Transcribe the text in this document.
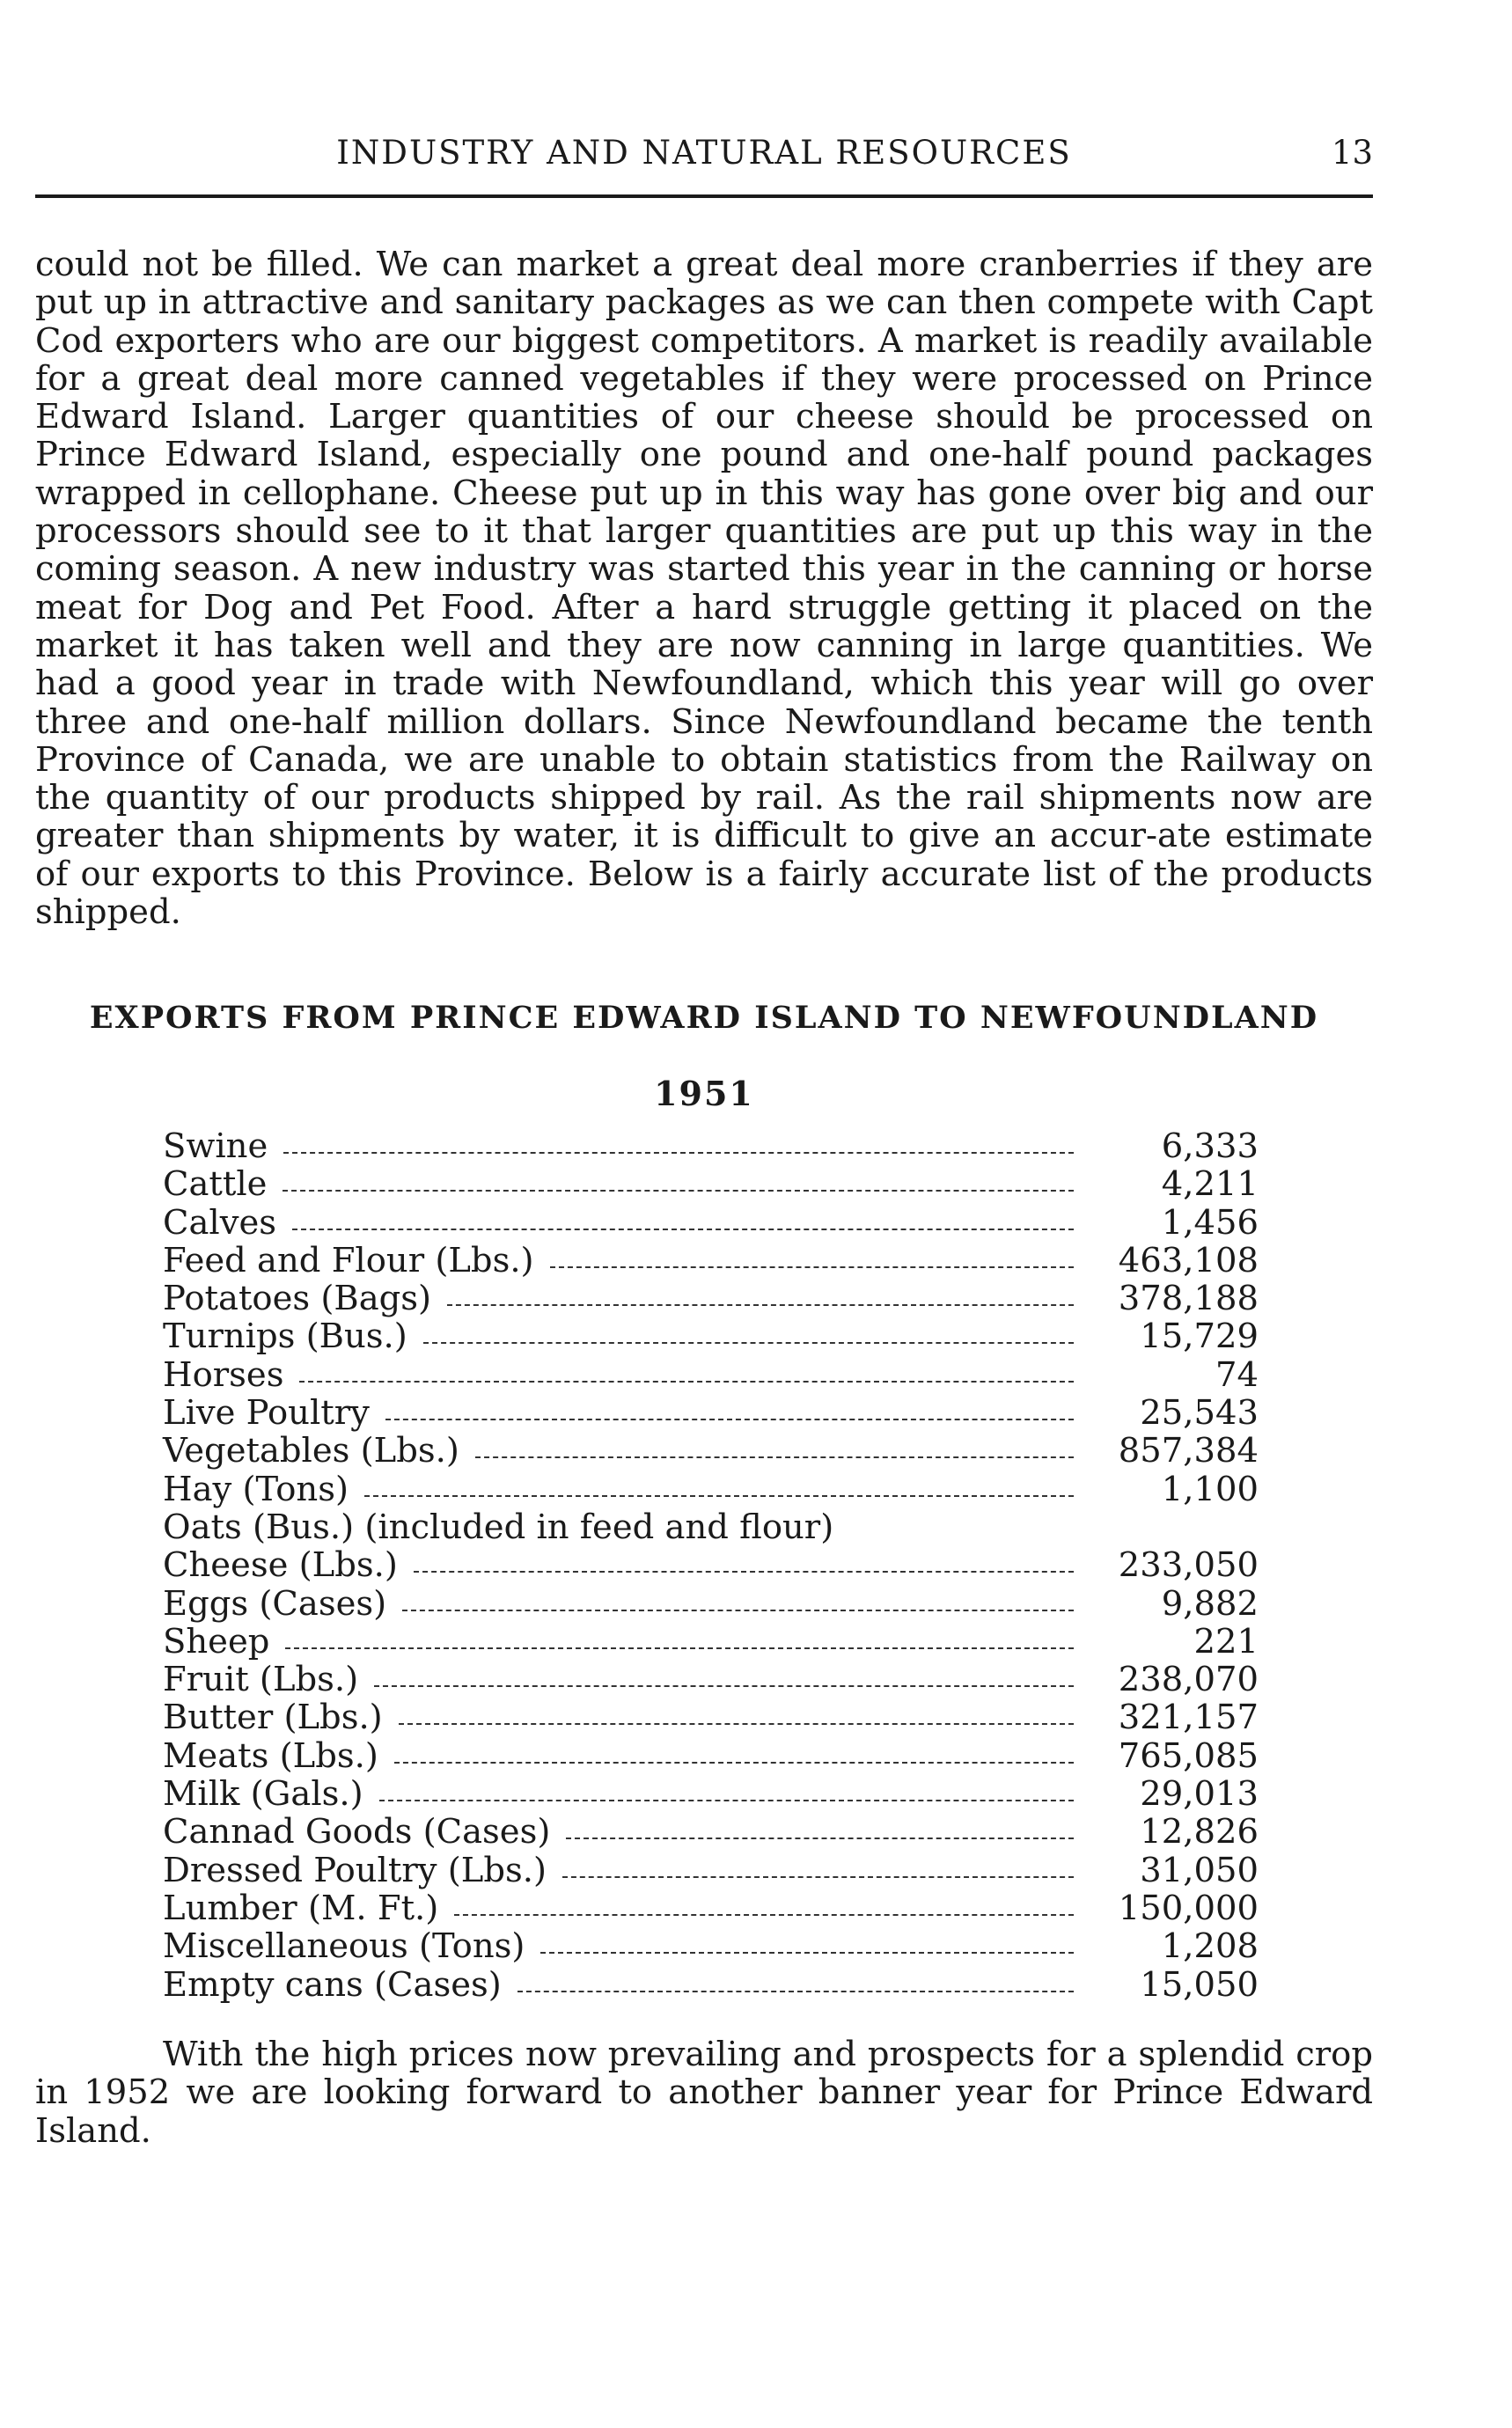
INDUSTRY AND NATURAL RESOURCES	13

could not be filled. We can market a great deal more cranberries if they are put up in attractive and sanitary packages as we can then compete with Capt Cod exporters who are our biggest competitors. A market is readily available for a great deal more canned vegetables if they were processed on Prince Edward Island. Larger quantities of our cheese should be processed on Prince Edward Island, especially one pound and one-half pound packages wrapped in cellophane. Cheese put up in this way has gone over big and our processors should see to it that larger quantities are put up this way in the coming season. A new industry was started this year in the canning or horse meat for Dog and Pet Food. After a hard struggle getting it placed on the market it has taken well and they are now canning in large quantities. We had a good year in trade with Newfoundland, which this year will go over three and one-half million dollars. Since Newfoundland became the tenth Province of Canada, we are unable to obtain statistics from the Railway on the quantity of our products shipped by rail. As the rail shipments now are greater than shipments by water, it is difficult to give an accur-ate estimate of our exports to this Province. Below is a fairly accurate list of the products shipped.

EXPORTS FROM PRINCE EDWARD ISLAND TO NEWFOUNDLAND
1951
Swine	6,333
Cattle	4,211
Calves	1,456
Feed and Flour (Lbs.)	463,108
Potatoes (Bags)	378,188
Turnips (Bus.)	15,729
Horses	74
Live Poultry	25,543
Vegetables (Lbs.)	857,384
Hay (Tons)	1,100
Oats (Bus.) (included in feed and flour)
Cheese (Lbs.)	233,050
Eggs (Cases)	9,882
Sheep	221
Fruit (Lbs.)	238,070
Butter (Lbs.)	321,157
Meats (Lbs.)	765,085
Milk (Gals.)	29,013
Cannad Goods (Cases)	12,826
Dressed Poultry (Lbs.)	31,050
Lumber (M. Ft.)	150,000
Miscellaneous (Tons)	1,208
Empty cans (Cases)	15,050

With the high prices now prevailing and prospects for a splendid crop in 1952 we are looking forward to another banner year for Prince Edward Island.
